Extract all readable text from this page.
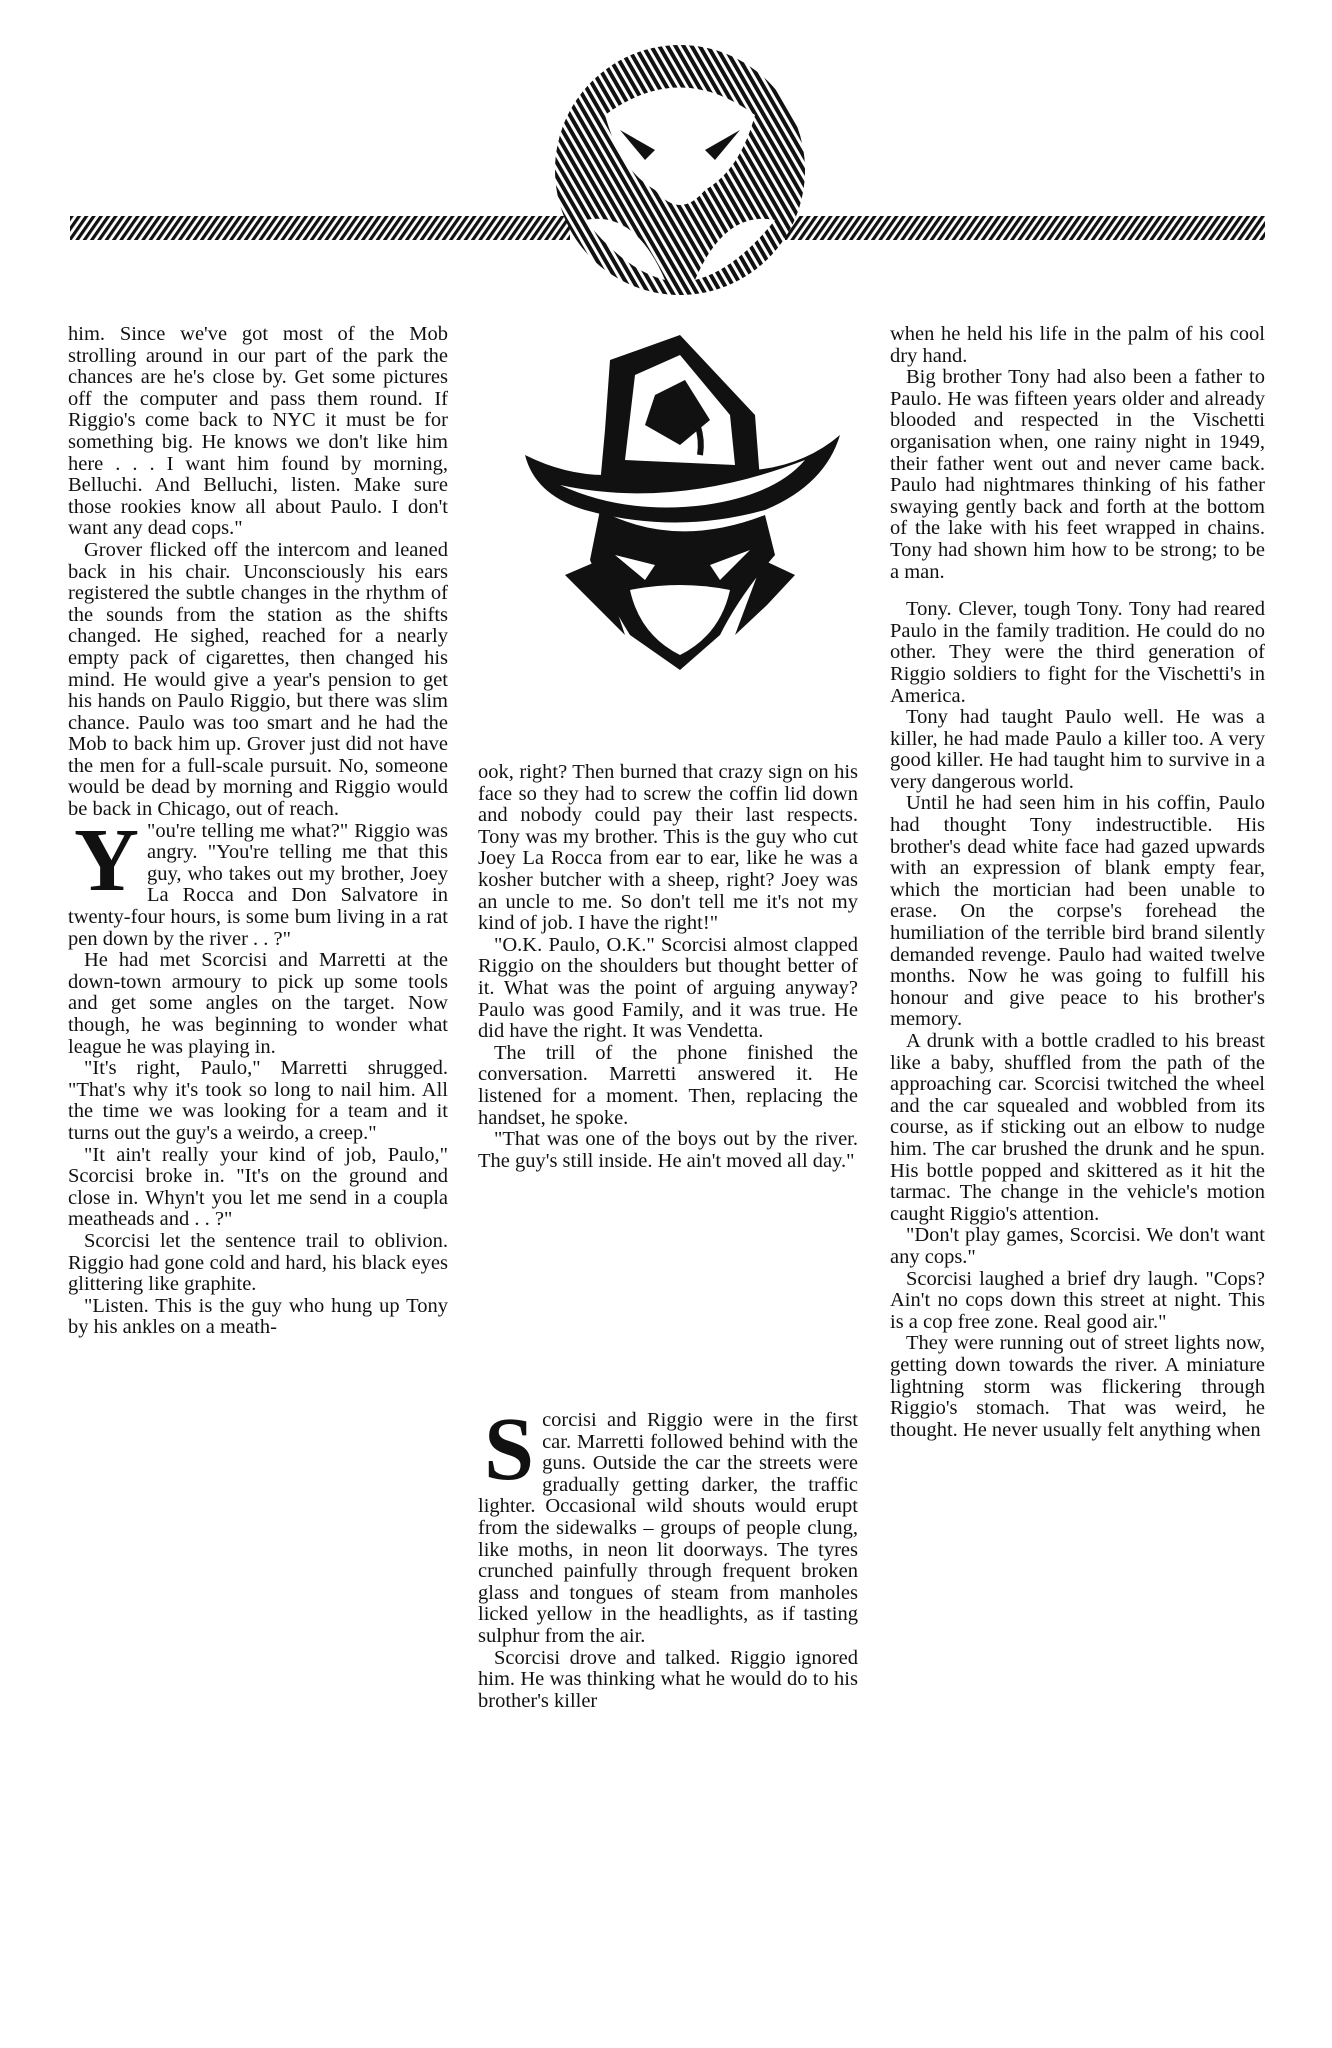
him. Since we've got most of the Mob strolling around in our part of the park the chances are he's close by. Get some pictures off the computer and pass them round. If Riggio's come back to NYC it must be for something big. He knows we don't like him here . . . I want him found by morning, Belluchi. And Belluchi, listen. Make sure those rookies know all about Paulo. I don't want any dead cops."

Grover flicked off the intercom and leaned back in his chair. Unconsciously his ears registered the subtle changes in the rhythm of the sounds from the station as the shifts changed. He sighed, reached for a nearly empty pack of cigarettes, then changed his mind. He would give a year's pension to get his hands on Paulo Riggio, but there was slim chance. Paulo was too smart and he had the Mob to back him up. Grover just did not have the men for a full-scale pursuit. No, someone would be dead by morning and Riggio would be back in Chicago, out of reach.

"
Y ou're telling me what?" Riggio was angry. "You're telling me that this guy, who takes out my brother, Joey La Rocca and Don Salvatore in twenty-four hours, is some bum living in a rat pen down by the river . . ?"

He had met Scorcisi and Marretti at the down-town armoury to pick up some tools and get some angles on the target. Now though, he was beginning to wonder what league he was playing in.

"It's right, Paulo," Marretti shrugged. "That's why it's took so long to nail him. All the time we was looking for a team and it turns out the guy's a weirdo, a creep."

"It ain't really your kind of job, Paulo," Scorcisi broke in. "It's on the ground and close in. Whyn't you let me send in a coupla meatheads and . . ?"

Scorcisi let the sentence trail to oblivion. Riggio had gone cold and hard, his black eyes glittering like graphite.

"Listen. This is the guy who hung up Tony by his ankles on a meath-

ook, right? Then burned that crazy sign on his face so they had to screw the coffin lid down and nobody could pay their last respects. Tony was my brother. This is the guy who cut Joey La Rocca from ear to ear, like he was a kosher butcher with a sheep, right? Joey was an uncle to me. So don't tell me it's not my kind of job. I have the right!"

"O.K. Paulo, O.K." Scorcisi almost clapped Riggio on the shoulders but thought better of it. What was the point of arguing anyway? Paulo was good Family, and it was true. He did have the right. It was Vendetta.

The trill of the phone finished the conversation. Marretti answered it. He listened for a moment. Then, replacing the handset, he spoke.

"That was one of the boys out by the river. The guy's still inside. He ain't moved all day."

Scorcisi and Riggio were in the first car. Marretti followed behind with the guns. Outside the car the streets were gradually getting darker, the traffic lighter. Occasional wild shouts would erupt from the sidewalks – groups of people clung, like moths, in neon lit doorways. The tyres crunched painfully through frequent broken glass and tongues of steam from manholes licked yellow in the headlights, as if tasting sulphur from the air.

Scorcisi drove and talked. Riggio ignored him. He was thinking what he would do to his brother's killer

when he held his life in the palm of his cool dry hand.

Big brother Tony had also been a father to Paulo. He was fifteen years older and already blooded and respected in the Vischetti organisation when, one rainy night in 1949, their father went out and never came back. Paulo had nightmares thinking of his father swaying gently back and forth at the bottom of the lake with his feet wrapped in chains. Tony had shown him how to be strong; to be a man.

Tony. Clever, tough Tony. Tony had reared Paulo in the family tradition. He could do no other. They were the third generation of Riggio soldiers to fight for the Vischetti's in America.

Tony had taught Paulo well. He was a killer, he had made Paulo a killer too. A very good killer. He had taught him to survive in a very dangerous world.

Until he had seen him in his coffin, Paulo had thought Tony indestructible. His brother's dead white face had gazed upwards with an expression of blank empty fear, which the mortician had been unable to erase. On the corpse's forehead the humiliation of the terrible bird brand silently demanded revenge. Paulo had waited twelve months. Now he was going to fulfill his honour and give peace to his brother's memory.

A drunk with a bottle cradled to his breast like a baby, shuffled from the path of the approaching car. Scorcisi twitched the wheel and the car squealed and wobbled from its course, as if sticking out an elbow to nudge him. The car brushed the drunk and he spun. His bottle popped and skittered as it hit the tarmac. The change in the vehicle's motion caught Riggio's attention.

"Don't play games, Scorcisi. We don't want any cops."

Scorcisi laughed a brief dry laugh. "Cops? Ain't no cops down this street at night. This is a cop free zone. Real good air."

They were running out of street lights now, getting down towards the river. A miniature lightning storm was flickering through Riggio's stomach. That was weird, he thought. He never usually felt anything when
